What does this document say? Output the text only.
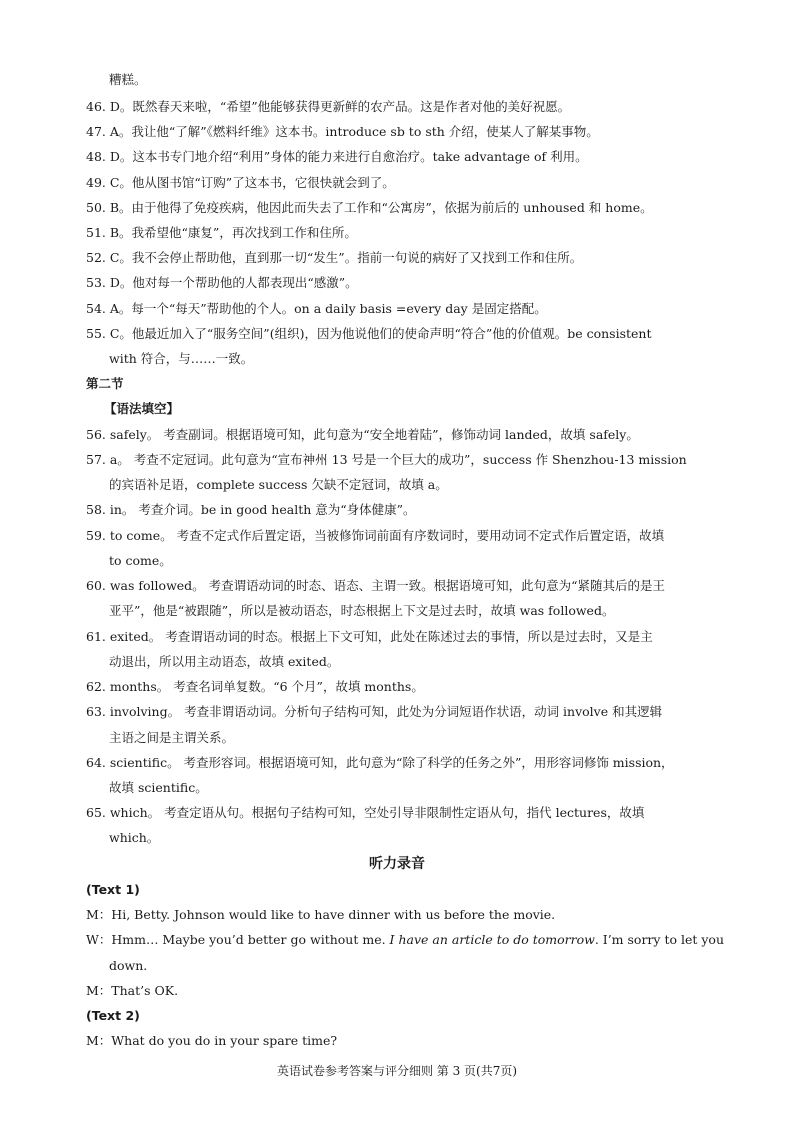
糟糕。
46. D。既然春天来啦，“希望”他能够获得更新鲜的农产品。这是作者对他的美好祝愿。
47. A。我让他“了解”《燃料纤维》这本书。introduce sb to sth 介绍，使某人了解某事物。
48. D。这本书专门地介绍“利用”身体的能力来进行自愈治疗。take advantage of 利用。
49. C。他从图书馆“订购”了这本书，它很快就会到了。
50. B。由于他得了免疫疾病，他因此而失去了工作和“公寓房”，依据为前后的 unhoused 和 home。
51. B。我希望他“康复”，再次找到工作和住所。
52. C。我不会停止帮助他，直到那一切“发生”。指前一句说的病好了又找到工作和住所。
53. D。他对每一个帮助他的人都表现出“感激”。
54. A。每一个“每天”帮助他的个人。on a daily basis =every day 是固定搭配。
55. C。他最近加入了“服务空间”(组织)，因为他说他们的使命声明“符合”他的价值观。be consistent
with 符合，与……一致。
第二节
【语法填空】
56. safely。 考查副词。根据语境可知，此句意为“安全地着陆”，修饰动词 landed，故填 safely。
57. a。 考查不定冠词。此句意为“宣布神州 13 号是一个巨大的成功”，success 作 Shenzhou-13 mission
的宾语补足语，complete success 欠缺不定冠词，故填 a。
58. in。 考查介词。be in good health 意为“身体健康”。
59. to come。 考查不定式作后置定语，当被修饰词前面有序数词时，要用动词不定式作后置定语，故填
to come。
60. was followed。 考查谓语动词的时态、语态、主谓一致。根据语境可知，此句意为“紧随其后的是王
亚平”，他是“被跟随”，所以是被动语态，时态根据上下文是过去时，故填 was followed。
61. exited。 考查谓语动词的时态。根据上下文可知，此处在陈述过去的事情，所以是过去时，又是主
动退出，所以用主动语态，故填 exited。
62. months。 考查名词单复数。“6 个月”，故填 months。
63. involving。 考查非谓语动词。分析句子结构可知，此处为分词短语作状语，动词 involve 和其逻辑
主语之间是主谓关系。
64. scientific。 考查形容词。根据语境可知，此句意为“除了科学的任务之外”，用形容词修饰 mission，
故填 scientific。
65. which。 考查定语从句。根据句子结构可知，空处引导非限制性定语从句，指代 lectures，故填
which。
听力录音
(Text 1)
M：Hi, Betty. Johnson would like to have dinner with us before the movie.
W：Hmm… Maybe you’d better go without me. I have an article to do tomorrow. I’m sorry to let you
down.
M：That’s OK.
(Text 2)
M：What do you do in your spare time?
英语试卷参考答案与评分细则 第 3 页(共7页)
